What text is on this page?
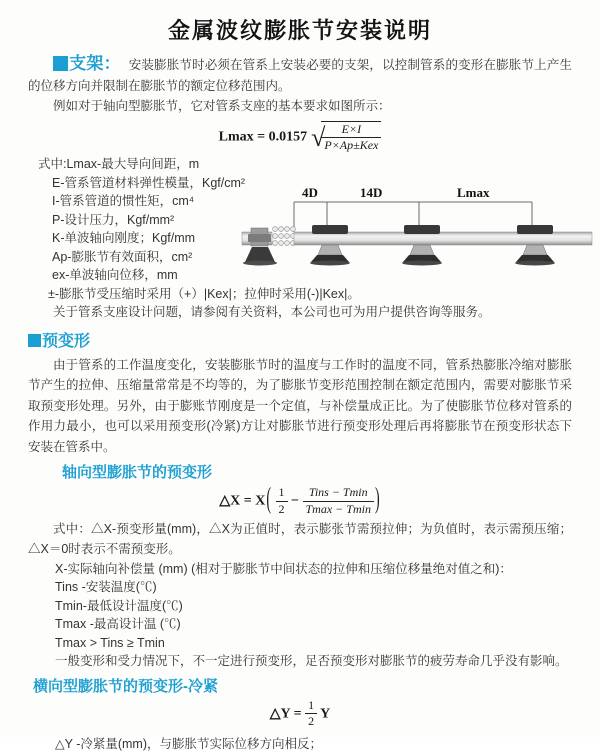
金属波纹膨胀节安装说明

支架： 安装膨胀节时必须在管系上安装必要的支架，以控制管系的变形在膨胀节上产生的位移方向并限制在膨胀节的额定位移范围内。

例如对于轴向型膨胀节，它对管系支座的基本要求如图所示：

Lmax = 0.0157 √
$\frac{E\times I}{\text{P×Ap±Kex}}$
式中:Lmax-最大导向间距，m
E-管系管道材料弹性模量，Kgf/cm²
I-管系管道的惯性矩，cm⁴
P-设计压力，Kgf/mm²
K-单波轴向刚度；Kgf/mm
Ap-膨胀节有效面积，cm²
ex-单波轴向位移，mm
±-膨胀节受压缩时采用（+）|Kex|；拉伸时采用(-)|Kex|。
关于管系支座设计问题，请参阅有关资料，本公司也可为用户提供咨询等服务。
4D	14D	Lmax
预变形

由于管系的工作温度变化，安装膨胀节时的温度与工作时的温度不同，管系热膨胀冷缩对膨胀节产生的拉伸、压缩量常常是不均等的，为了膨胀节变形范围控制在额定范围内，需要对膨胀节采取预变形处理。另外，由于膨账节刚度是一个定值，与补偿量成正比。为了使膨胀节位移对管系的作用力最小，也可以采用预变形(冷紧)方让对膨胀节进行预变形处理后再将膨胀节在预变形状态下安装在管系中。

轴向型膨胀节的预变形
△X = $X( \frac{1}{2} - \frac{\text{Tins − Tmin}}{Tmax - Tmin}$ )

式中：△X-预变形量(mm)，△X为正值时，表示膨张节需预拉伸；为负值时，表示需预压缩；△X＝0时表示不需预变形。

X-实际轴向补偿量 (mm) (相对于膨胀节中间状态的拉伸和压缩位移量绝对值之和)：
Tins -安装温度(℃)
Tmin-最低设计温度(℃)
Tmax -最高设计温 (℃)
Tmax > Tins ≥ Tmin
一般变形和受力情况下，不一定进行预变形，足否预变形对膨胀节的疲劳寿命几乎没有影响。
横向型膨胀节的预变形-冷紧
△Y = $\frac{1}{2}$ Y
△Y -冷紧量(mm)，与膨胀节实际位移方向相反；
